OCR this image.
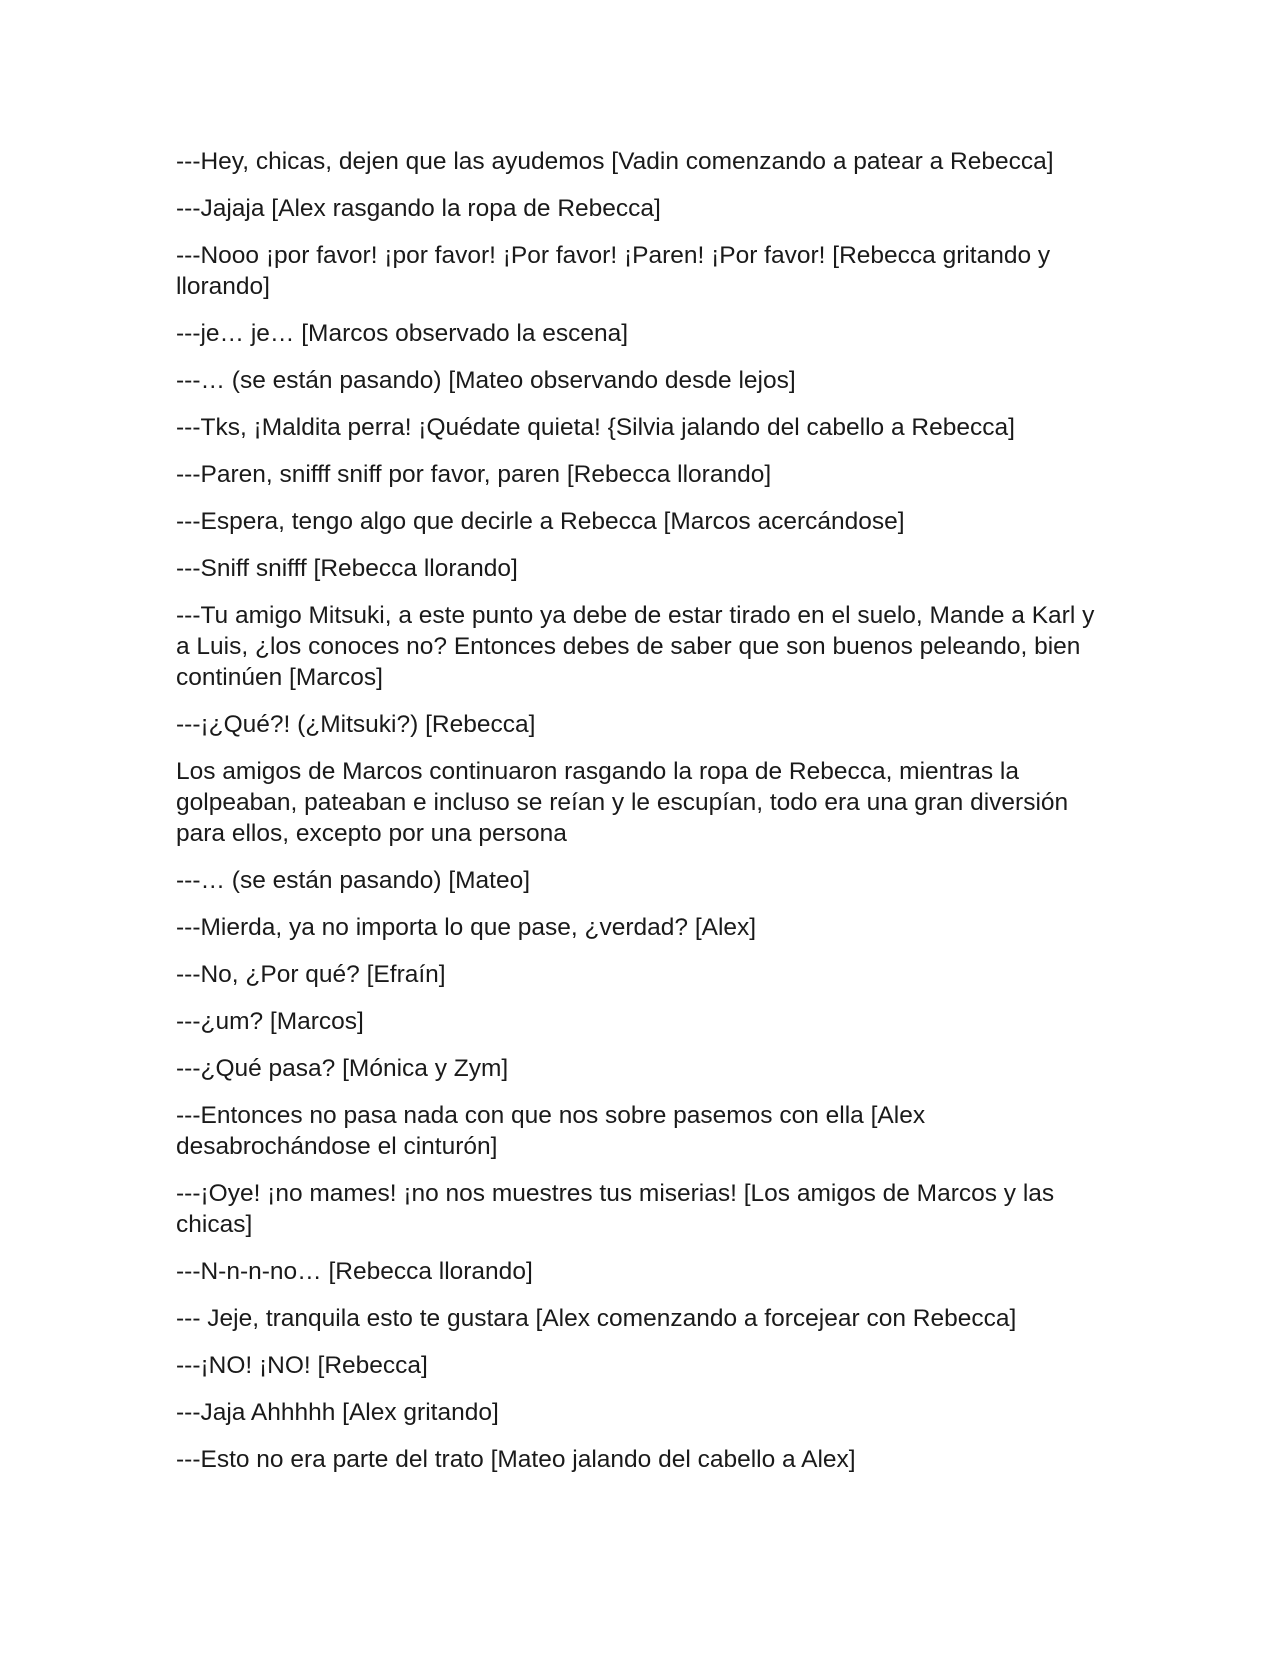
---Hey, chicas, dejen que las ayudemos [Vadin comenzando a patear a Rebecca]

---Jajaja [Alex rasgando la ropa de Rebecca]

---Nooo ¡por favor! ¡por favor! ¡Por favor! ¡Paren! ¡Por favor! [Rebecca gritando y llorando]

---je… je… [Marcos observado la escena]

---… (se están pasando) [Mateo observando desde lejos]

---Tks, ¡Maldita perra! ¡Quédate quieta! {Silvia jalando del cabello a Rebecca]

---Paren, snifff sniff por favor, paren [Rebecca llorando]

---Espera, tengo algo que decirle a Rebecca [Marcos acercándose]

---Sniff snifff [Rebecca llorando]

---Tu amigo Mitsuki, a este punto ya debe de estar tirado en el suelo, Mande a Karl y a Luis, ¿los conoces no? Entonces debes de saber que son buenos peleando, bien continúen [Marcos]

---¡¿Qué?! (¿Mitsuki?) [Rebecca]

Los amigos de Marcos continuaron rasgando la ropa de Rebecca, mientras la golpeaban, pateaban e incluso se reían y le escupían, todo era una gran diversión para ellos, excepto por una persona

---… (se están pasando) [Mateo]

---Mierda, ya no importa lo que pase, ¿verdad? [Alex]

---No, ¿Por qué? [Efraín]

---¿um? [Marcos]

---¿Qué pasa? [Mónica y Zym]

---Entonces no pasa nada con que nos sobre pasemos con ella [Alex desabrochándose el cinturón]

---¡Oye! ¡no mames! ¡no nos muestres tus miserias! [Los amigos de Marcos y las chicas]

---N-n-n-no… [Rebecca llorando]

--- Jeje, tranquila esto te gustara [Alex comenzando a forcejear con Rebecca]

---¡NO! ¡NO! [Rebecca]

---Jaja Ahhhhh [Alex gritando]

---Esto no era parte del trato [Mateo jalando del cabello a Alex]
